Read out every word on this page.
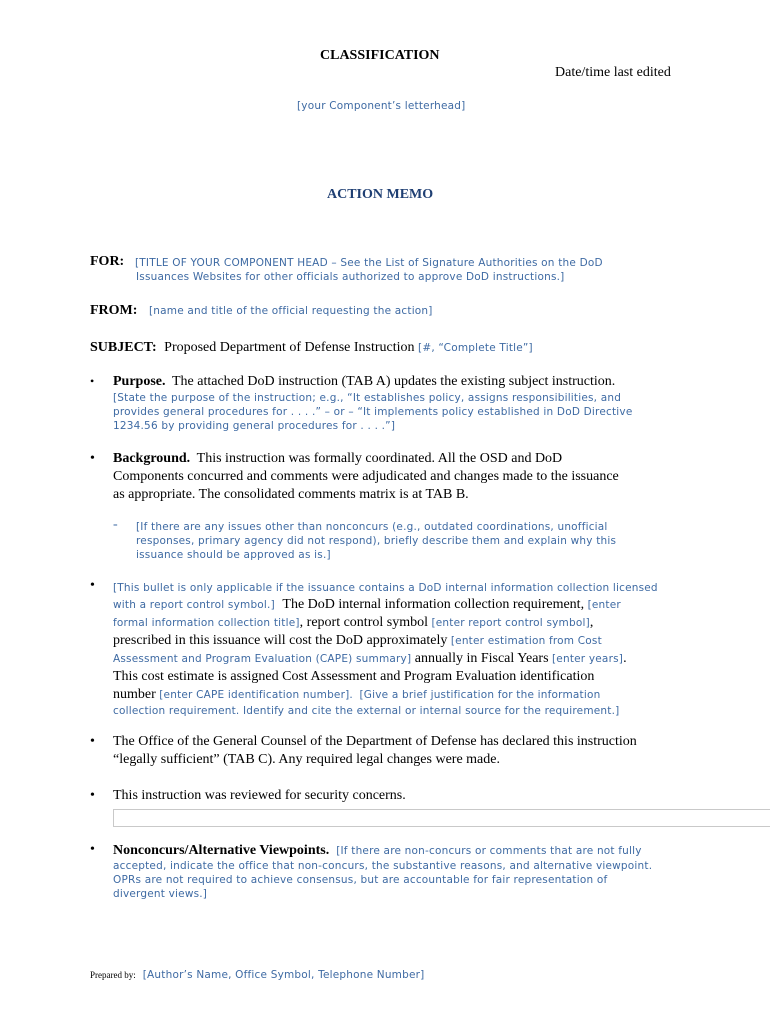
CLASSIFICATION
Date/time last edited
[your Component’s letterhead]
ACTION MEMO
FOR: [TITLE OF YOUR COMPONENT HEAD – See the List of Signature Authorities on the DoD
Issuances Websites for other officials authorized to approve DoD instructions.]
FROM: [name and title of the official requesting the action]
SUBJECT: Proposed Department of Defense Instruction [#, “Complete Title”]
• Purpose. The attached DoD instruction (TAB A) updates the existing subject instruction.
[State the purpose of the instruction; e.g., “It establishes policy, assigns responsibilities, and
provides general procedures for . . . .” – or – “It implements policy established in DoD Directive
1234.56 by providing general procedures for . . . .”]
• Background. This instruction was formally coordinated. All the OSD and DoD
Components concurred and comments were adjudicated and changes made to the issuance
as appropriate. The consolidated comments matrix is at TAB B.
- [If there are any issues other than nonconcurs (e.g., outdated coordinations, unofficial
responses, primary agency did not respond), briefly describe them and explain why this
issuance should be approved as is.]
• [This bullet is only applicable if the issuance contains a DoD internal information collection licensed
with a report control symbol.] The DoD internal information collection requirement, [enter
formal information collection title], report control symbol [enter report control symbol],
prescribed in this issuance will cost the DoD approximately [enter estimation from Cost
Assessment and Program Evaluation (CAPE) summary] annually in Fiscal Years [enter years].
This cost estimate is assigned Cost Assessment and Program Evaluation identification
number [enter CAPE identification number]. [Give a brief justification for the information
collection requirement. Identify and cite the external or internal source for the requirement.]
• The Office of the General Counsel of the Department of Defense has declared this instruction
“legally sufficient” (TAB C). Any required legal changes were made.
• This instruction was reviewed for security concerns.
• Nonconcurs/Alternative Viewpoints. [If there are non-concurs or comments that are not fully
accepted, indicate the office that non-concurs, the substantive reasons, and alternative viewpoint.
OPRs are not required to achieve consensus, but are accountable for fair representation of
divergent views.]
Prepared by: [Author’s Name, Office Symbol, Telephone Number]
